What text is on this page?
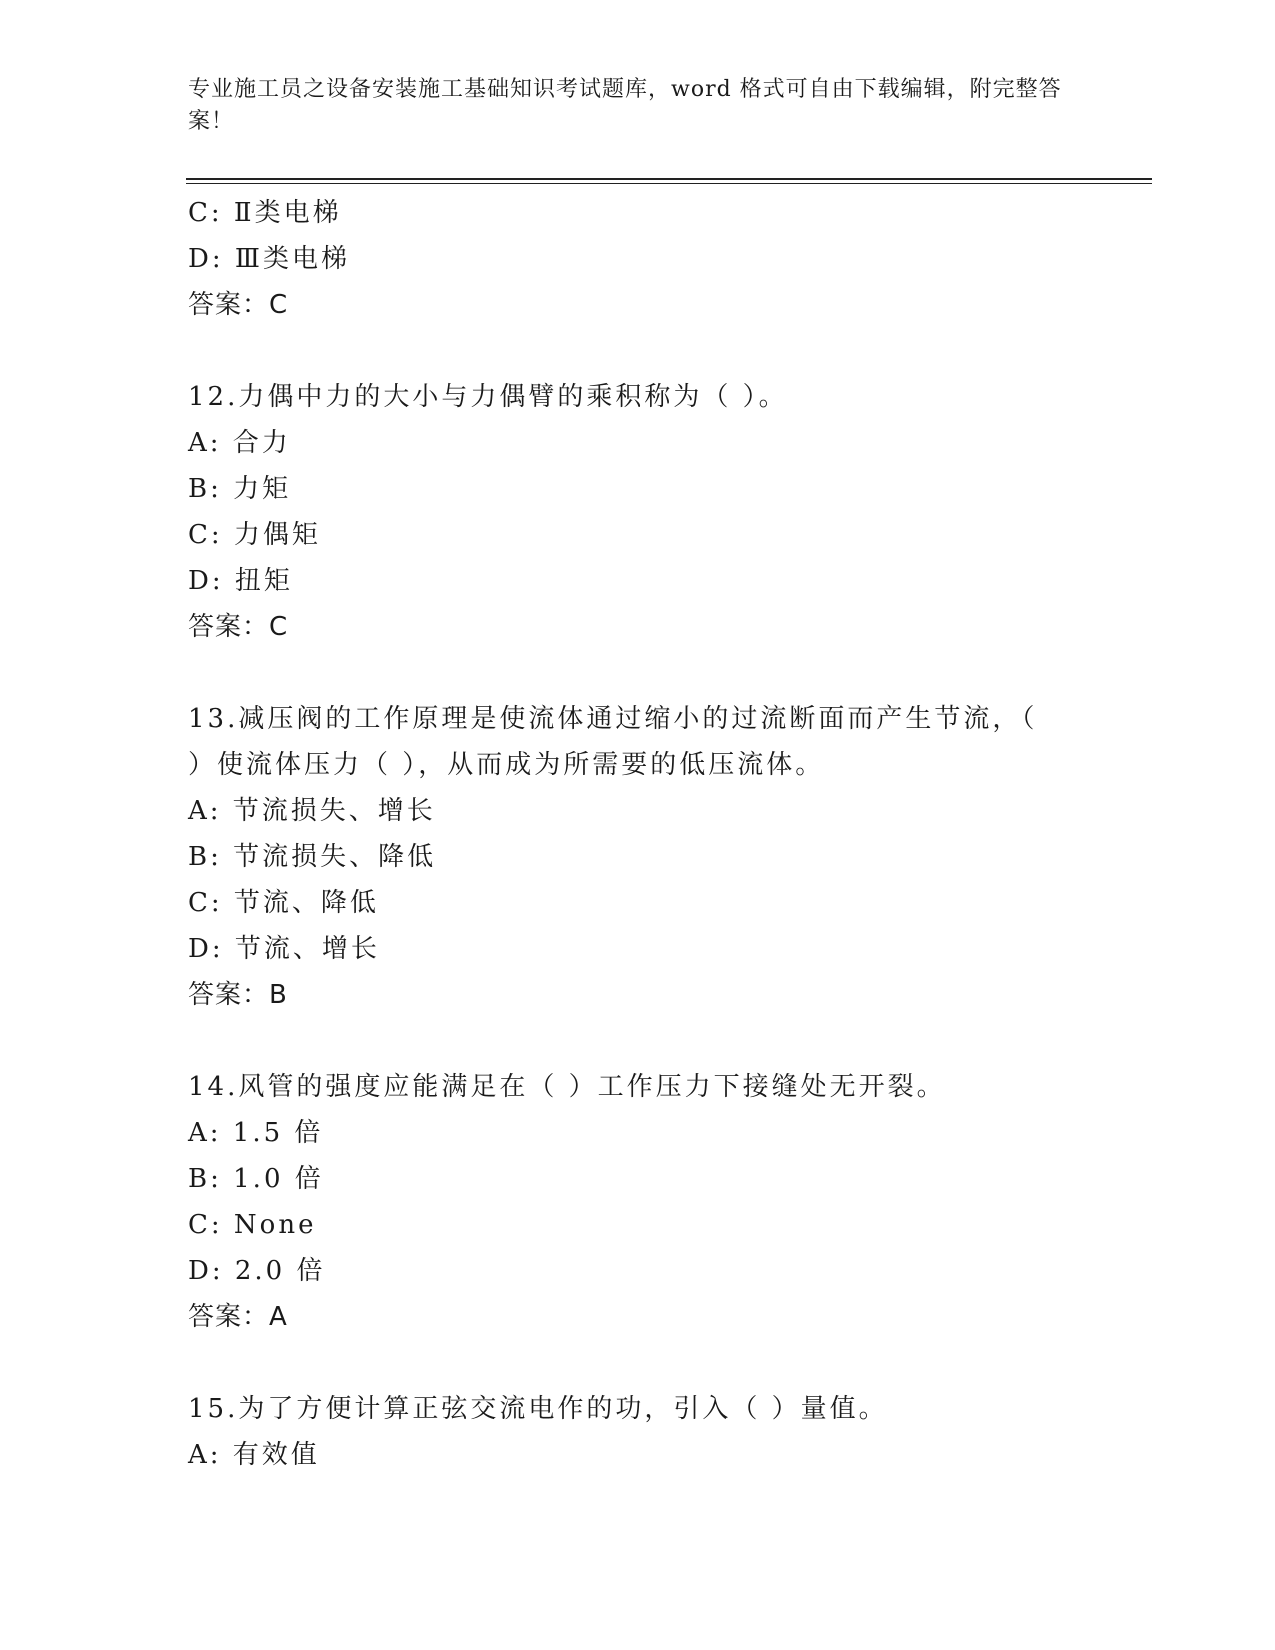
专业施工员之设备安装施工基础知识考试题库，word 格式可自由下载编辑，附完整答案！
C: Ⅱ类电梯
D: Ⅲ类电梯
答案：C
12.力偶中力的大小与力偶臂的乘积称为（ ）。
A: 合力
B: 力矩
C: 力偶矩
D: 扭矩
答案：C
13.减压阀的工作原理是使流体通过缩小的过流断面而产生节流，（
）使流体压力（ ），从而成为所需要的低压流体。
A: 节流损失、增长
B: 节流损失、降低
C: 节流、降低
D: 节流、增长
答案：B
14.风管的强度应能满足在（ ）工作压力下接缝处无开裂。
A: 1.5 倍
B: 1.0 倍
C: None
D: 2.0 倍
答案：A
15.为了方便计算正弦交流电作的功，引入（ ）量值。
A: 有效值
